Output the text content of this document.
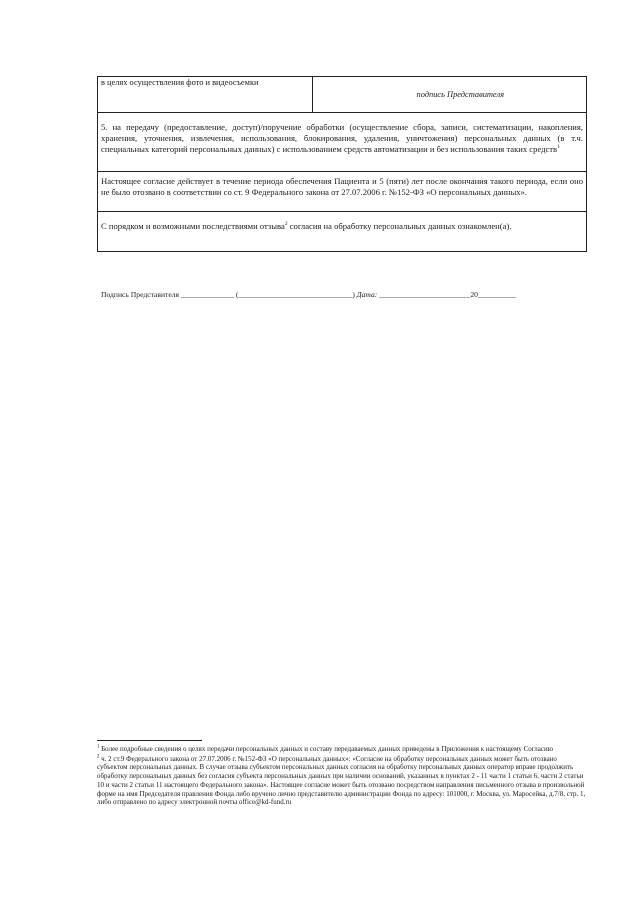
в целях осуществления фото и видеосъемки
подпись Представителя
5. на передачу (предоставление, доступ)/поручение обработки (осуществление сбора, записи, систематизации, накопления, хранения, уточнения, извлечения, использования, блокирования, удаления, уничтожения) персональных данных (в т.ч. специальных категорий персональных данных) с использованием средств автоматизации и без использования таких средств$^1$
Настоящее согласие действует в течение периода обеспечения Пациента и 5 (пяти) лет после окончания такого периода, если оно не было отозвано в соответствии со ст. 9 Федерального закона от 27.07.2006 г. №152-ФЗ «О персональных данных».
С порядком и возможными последствиями отзыва$^2$ согласия на обработку персональных данных ознакомлен(а).
Подпись Представителя ______________ (______________________________) Дата: ________________________20__________

$^1$ Более подробные сведения о целях передачи персональных данных и составу передаваемых данных приведены в Приложения к настоящему Согласию

$^2$ ч. 2 ст.9 Федерального закона от 27.07.2006 г. №152-ФЗ «О персональных данных»: «Согласие на обработку персональных данных может быть отозвано субъектом персональных данных. В случае отзыва субъектом персональных данных согласия на обработку персональных данных оператор вправе продолжить обработку персональных данных без согласия субъекта персональных данных при наличии оснований, указанных в пунктах 2 - 11 части 1 статьи 6, части 2 статьи 10 и части 2 статьи 11 настоящего Федерального закона». Настоящее согласие может быть отозвано посредством направления письменного отзыва в произвольной форме на имя Председателя правления Фонда либо вручено лично представителю администрации Фонда по адресу: 101000, г. Москва, ул. Маросейка, д.7/8, стр. 1, либо отправлено по адресу электронной почты office@kd-fund.ru
